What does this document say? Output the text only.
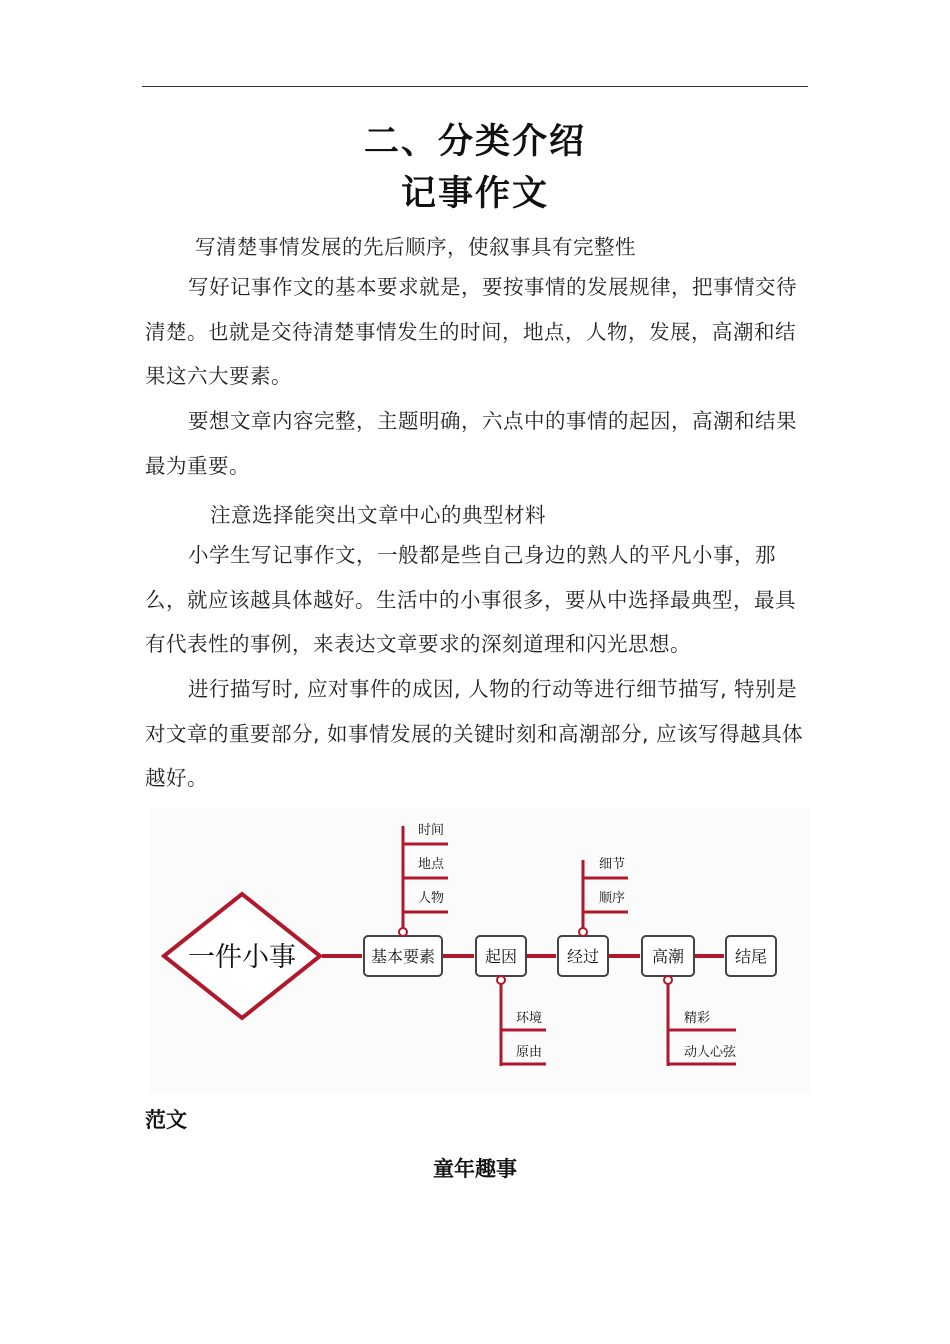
二、分类介绍
记事作文
写清楚事情发展的先后顺序，使叙事具有完整性

写好记事作文的基本要求就是，要按事情的发展规律，把事情交待清楚。也就是交待清楚事情发生的时间，地点，人物，发展，高潮和结果这六大要素。

要想文章内容完整，主题明确，六点中的事情的起因，高潮和结果最为重要。

注意选择能突出文章中心的典型材料

小学生写记事作文，一般都是些自己身边的熟人的平凡小事，那么，就应该越具体越好。生活中的小事很多，要从中选择最典型，最具有代表性的事例，来表达文章要求的深刻道理和闪光思想。

进行描写时, 应对事件的成因, 人物的行动等进行细节描写, 特别是对文章的重要部分, 如事情发展的关键时刻和高潮部分, 应该写得越具体越好。

一件小事	基本要素	起因	经过	高潮	结尾
时间
地点
人物
细节
顺序
环境
原由
精彩
动人心弦
范文
童年趣事
